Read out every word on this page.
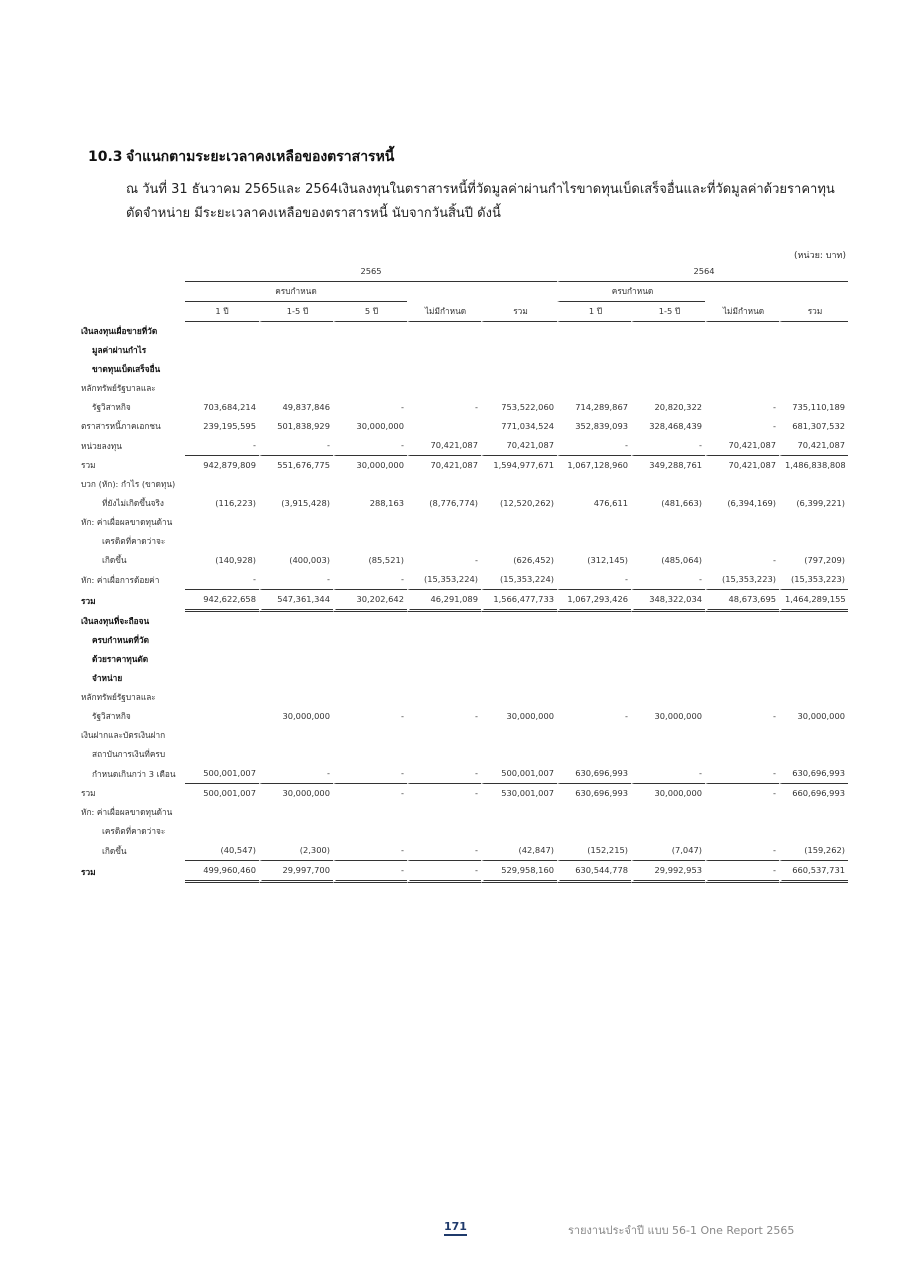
10.3 จำแนกตามระยะเวลาคงเหลือของตราสารหนี้
ณ วันที่ 31 ธันวาคม 2565และ 2564เงินลงทุนในตราสารหนี้ที่วัดมูลค่าผ่านกำไรขาดทุนเบ็ดเสร็จอื่นและที่วัดมูลค่าด้วยราคาทุนตัดจำหน่าย มีระยะเวลาคงเหลือของตราสารหนี้ นับจากวันสิ้นปี ดังนี้
(หน่วย: บาท)
	2565					2564			
	ครบกำหนด					ครบกำหนด			
	1 ปี	1-5 ปี	5 ปี	ไม่มีกำหนด	รวม	1 ปี	1-5 ปี	ไม่มีกำหนด	รวม
เงินลงทุนเผื่อขายที่วัด									
มูลค่าผ่านกำไร									
ขาดทุนเบ็ดเสร็จอื่น									
หลักทรัพย์รัฐบาลและ									
รัฐวิสาหกิจ	703,684,214	49,837,846	-	-	753,522,060	714,289,867	20,820,322	-	735,110,189
ตราสารหนี้ภาคเอกชน	239,195,595	501,838,929	30,000,000		771,034,524	352,839,093	328,468,439	-	681,307,532
หน่วยลงทุน	-	-	-	70,421,087	70,421,087	-	-	70,421,087	70,421,087
รวม	942,879,809	551,676,775	30,000,000	70,421,087	1,594,977,671	1,067,128,960	349,288,761	70,421,087	1,486,838,808
บวก (หัก): กำไร (ขาดทุน)									
ที่ยังไม่เกิดขึ้นจริง	(116,223)	(3,915,428)	288,163	(8,776,774)	(12,520,262)	476,611	(481,663)	(6,394,169)	(6,399,221)
หัก: ค่าเผื่อผลขาดทุนด้าน									
เครดิตที่คาดว่าจะ									
เกิดขึ้น	(140,928)	(400,003)	(85,521)	-	(626,452)	(312,145)	(485,064)	-	(797,209)
หัก: ค่าเผื่อการด้อยค่า	-	-	-	(15,353,224)	(15,353,224)	-	-	(15,353,223)	(15,353,223)
รวม	942,622,658	547,361,344	30,202,642	46,291,089	1,566,477,733	1,067,293,426	348,322,034	48,673,695	1,464,289,155
เงินลงทุนที่จะถือจน									
ครบกำหนดที่วัด									
ด้วยราคาทุนตัด									
จำหน่าย									
หลักทรัพย์รัฐบาลและ									
รัฐวิสาหกิจ		30,000,000	-	-	30,000,000	-	30,000,000	-	30,000,000
เงินฝากและบัตรเงินฝาก									
สถาบันการเงินที่ครบ									
กำหนดเกินกว่า 3 เดือน	500,001,007	-	-	-	500,001,007	630,696,993	-	-	630,696,993
รวม	500,001,007	30,000,000	-	-	530,001,007	630,696,993	30,000,000	-	660,696,993
หัก: ค่าเผื่อผลขาดทุนด้าน									
เครดิตที่คาดว่าจะ									
เกิดขึ้น	(40,547)	(2,300)	-	-	(42,847)	(152,215)	(7,047)	-	(159,262)
รวม	499,960,460	29,997,700	-	-	529,958,160	630,544,778	29,992,953	-	660,537,731
171	รายงานประจำปี แบบ 56-1 One Report 2565
